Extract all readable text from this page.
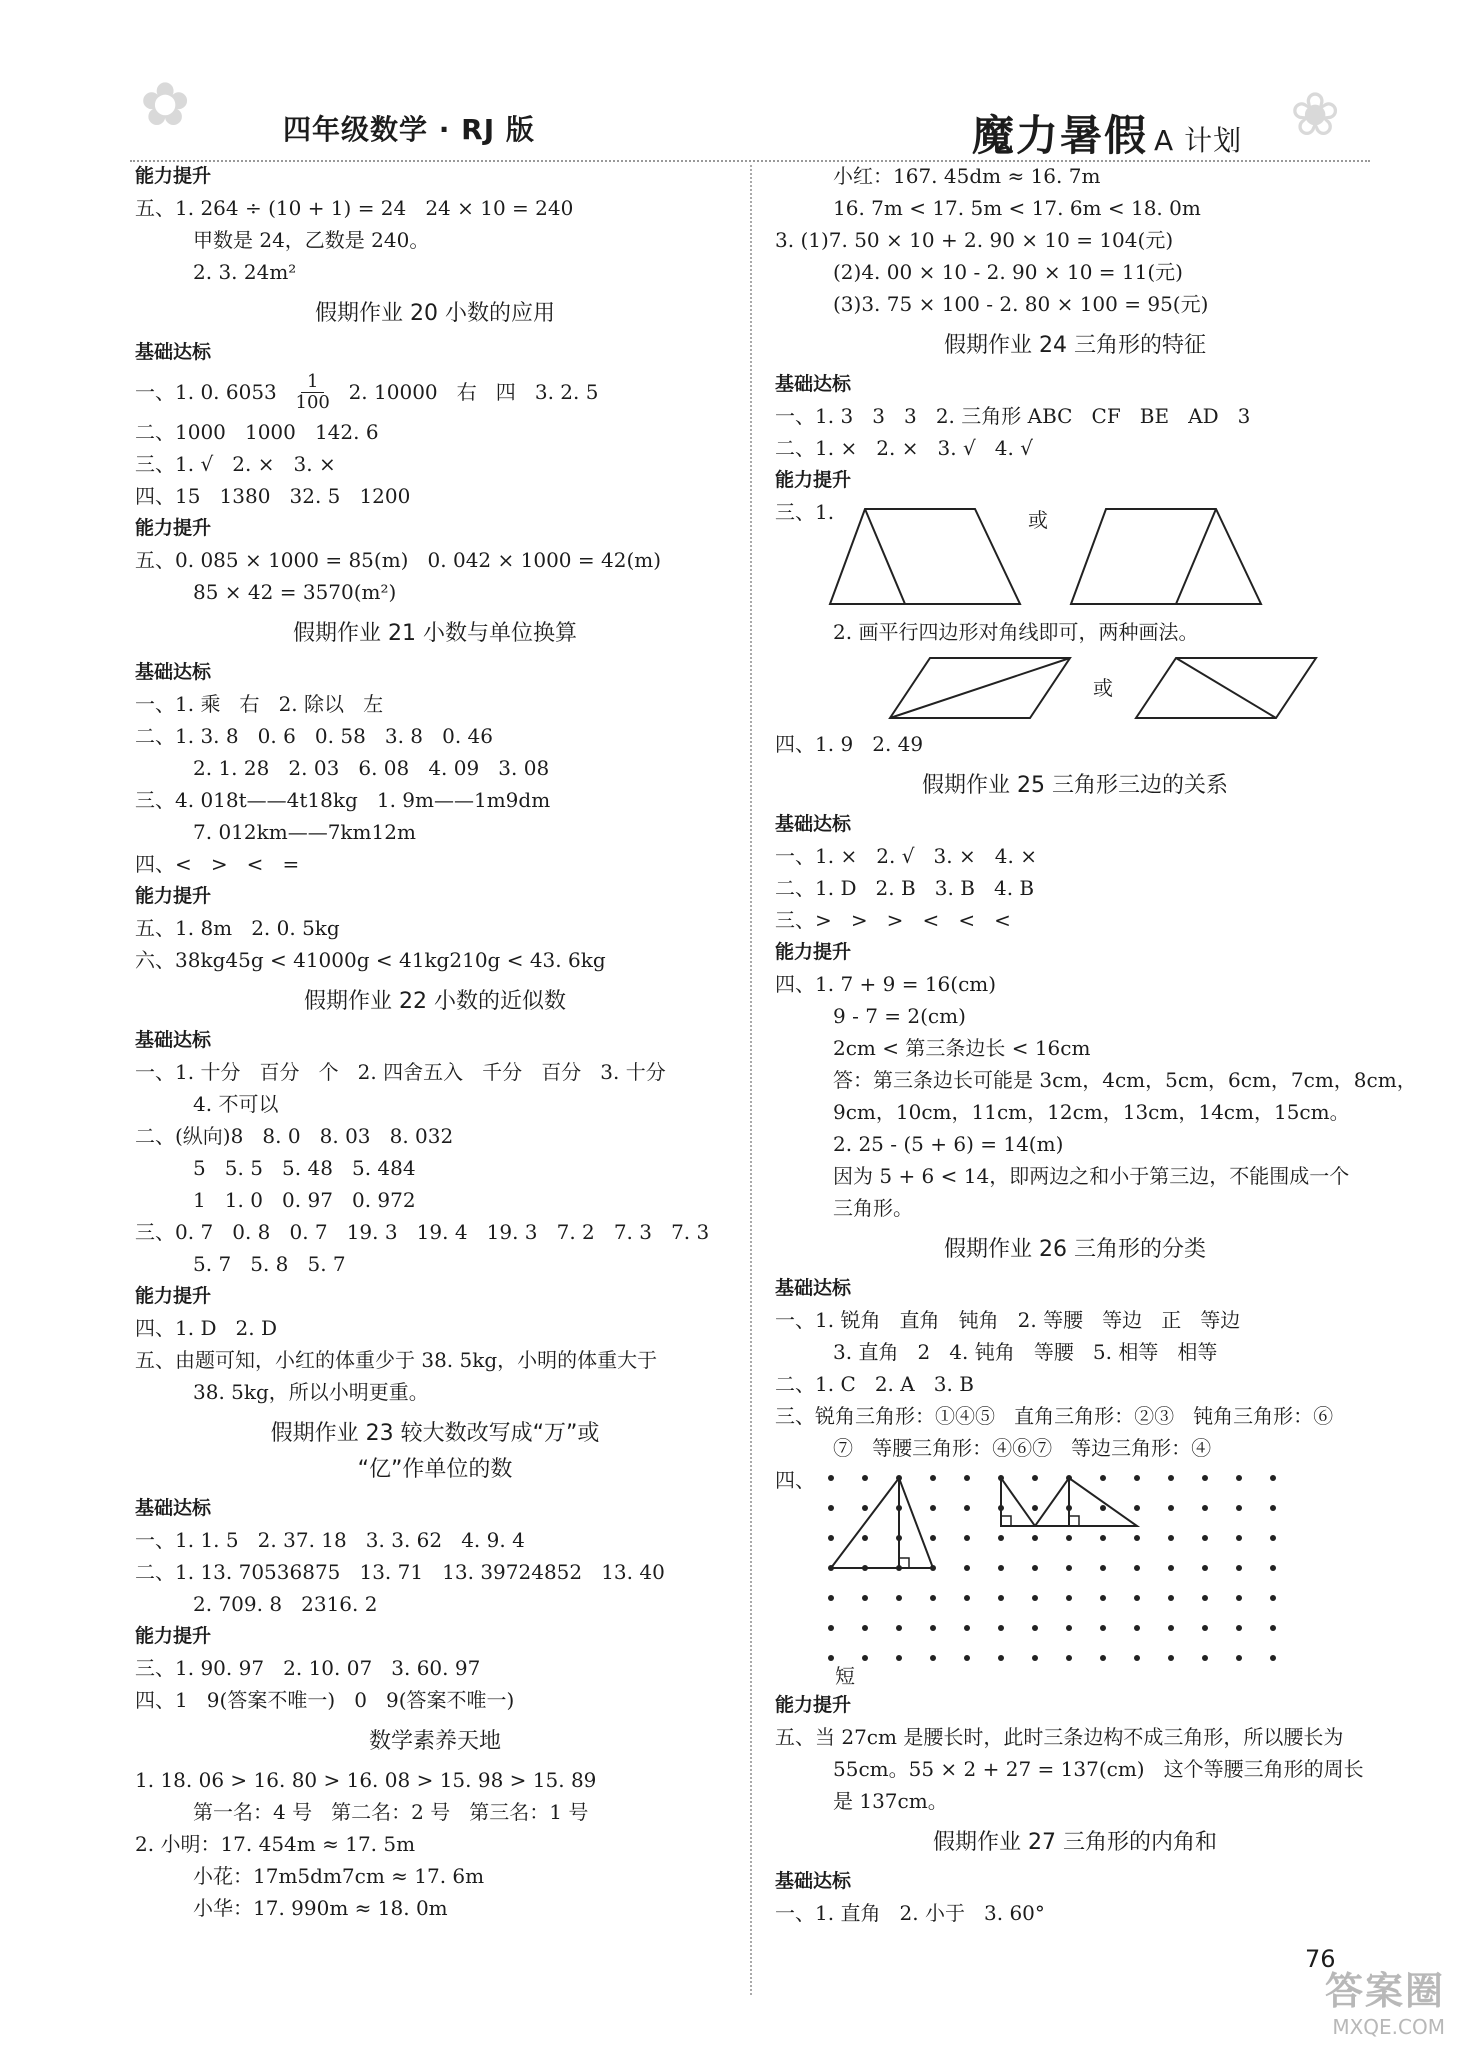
✿	❀
四年级数学 · RJ 版	魔力暑假 A 计划
能力提升
五、1. 264 ÷ (10 + 1) = 24   24 × 10 = 240
甲数是 24，乙数是 240。
2. 3. 24m²
假期作业 20 小数的应用
基础达标
一、1. 0. $6053 \frac{1}{100} 2$. 10000   右   四   3. 2. 5
二、1000   1000   142. 6
三、1. √   2. ×   3. ×
四、15   1380   32. 5   1200
能力提升
五、0. 085 × 1000 = 85(m)   0. 042 × 1000 = 42(m)
85 × 42 = 3570(m²)
假期作业 21 小数与单位换算
基础达标
一、1. 乘   右   2. 除以   左
二、1. 3. 8   0. 6   0. 58   3. 8   0. 46
2. 1. 28   2. 03   6. 08   4. 09   3. 08
三、4. 018t——4t18kg   1. 9m——1m9dm
7. 012km——7km12m
四、<   >   <   =
能力提升
五、1. 8m   2. 0. 5kg
六、38kg45g < 41000g < 41kg210g < 43. 6kg
假期作业 22 小数的近似数
基础达标
一、1. 十分   百分   个   2. 四舍五入   千分   百分   3. 十分
4. 不可以
二、(纵向)8   8. 0   8. 03   8. 032
5   5. 5   5. 48   5. 484
1   1. 0   0. 97   0. 972
三、0. 7   0. 8   0. 7   19. 3   19. 4   19. 3   7. 2   7. 3   7. 3
5. 7   5. 8   5. 7
能力提升
四、1. D   2. D
五、由题可知，小红的体重少于 38. 5kg，小明的体重大于
38. 5kg，所以小明更重。
假期作业 23 较大数改写成“万”或
“亿”作单位的数
基础达标
一、1. 1. 5   2. 37. 18   3. 3. 62   4. 9. 4
二、1. 13. 70536875   13. 71   13. 39724852   13. 40
2. 709. 8   2316. 2
能力提升
三、1. 90. 97   2. 10. 07   3. 60. 97
四、1   9(答案不唯一)   0   9(答案不唯一)
数学素养天地
1. 18. 06 > 16. 80 > 16. 08 > 15. 98 > 15. 89
第一名：4 号   第二名：2 号   第三名：1 号
2. 小明：17. 454m ≈ 17. 5m
小花：17m5dm7cm ≈ 17. 6m
小华：17. 990m ≈ 18. 0m
小红：167. 45dm ≈ 16. 7m
16. 7m < 17. 5m < 17. 6m < 18. 0m
3. (1)7. 50 × 10 + 2. 90 × 10 = 104(元)
(2)4. 00 × 10 - 2. 90 × 10 = 11(元)
(3)3. 75 × 100 - 2. 80 × 100 = 95(元)
假期作业 24 三角形的特征
基础达标
一、1. 3   3   3   2. 三角形 ABC   CF   BE   AD   3
二、1. ×   2. ×   3. √   4. √
能力提升
三、1.	或
2. 画平行四边形对角线即可，两种画法。
或
四、1. 9   2. 49
假期作业 25 三角形三边的关系
基础达标
一、1. ×   2. √   3. ×   4. ×
二、1. D   2. B   3. B   4. B
三、>   >   >   <   <   <
能力提升
四、1. 7 + 9 = 16(cm)
9 - 7 = 2(cm)
2cm < 第三条边长 < 16cm
答：第三条边长可能是 3cm，4cm，5cm，6cm，7cm，8cm，
9cm，10cm，11cm，12cm，13cm，14cm，15cm。
2. 25 - (5 + 6) = 14(m)
因为 5 + 6 < 14，即两边之和小于第三边，不能围成一个
三角形。
假期作业 26 三角形的分类
基础达标
一、1. 锐角   直角   钝角   2. 等腰   等边   正   等边
3. 直角   2   4. 钝角   等腰   5. 相等   相等
二、1. C   2. A   3. B
三、锐角三角形：①④⑤   直角三角形：②③   钝角三角形：⑥
⑦   等腰三角形：④⑥⑦   等边三角形：④
四、
短
能力提升
五、当 27cm 是腰长时，此时三条边构不成三角形，所以腰长为
55cm。55 × 2 + 27 = 137(cm)   这个等腰三角形的周长
是 137cm。
假期作业 27 三角形的内角和
基础达标
一、1. 直角   2. 小于   3. 60°
76
答案圈
MXQE.COM
